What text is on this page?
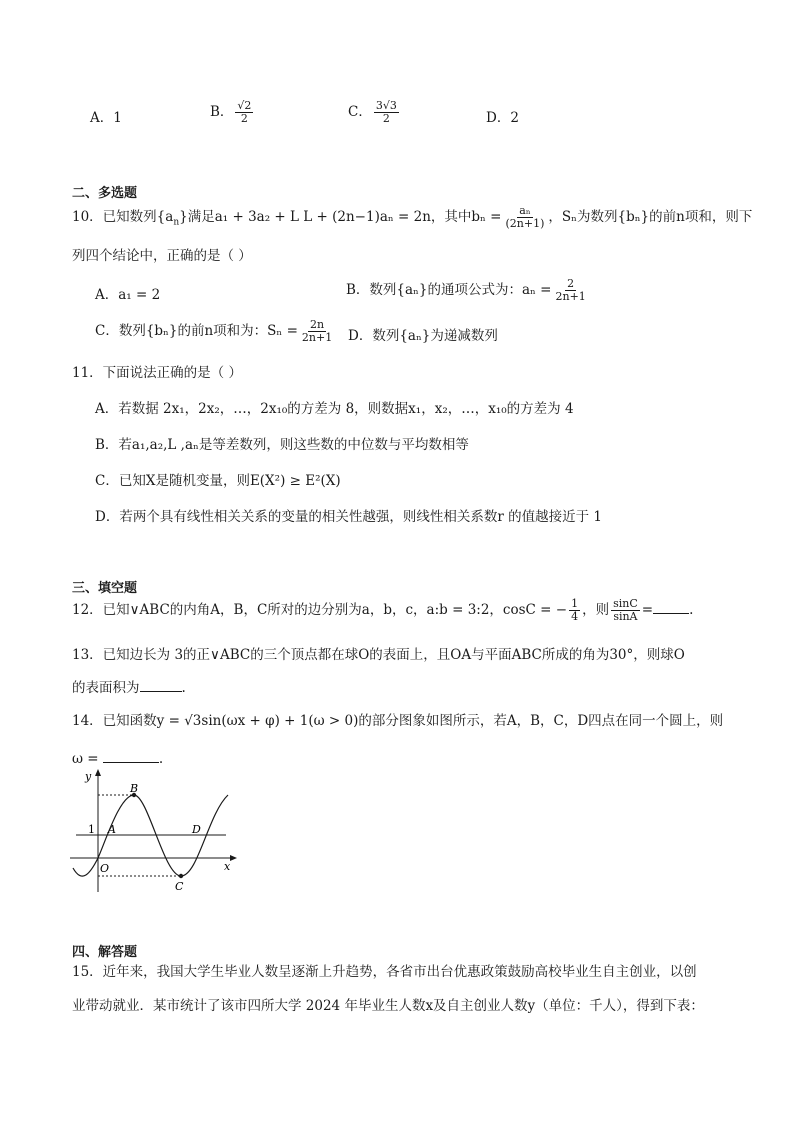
A．1	B． $\frac{√2}{2}$	C． $\frac{3√3}{2}$	D．2
二、多选题
10．已知数列$\{a_n\}$满足a₁ + 3a₂ + L L + (2n−1)aₙ = 2n，其中$b_n = \frac{\text{aₙ}}{(2n+1)}$ ，Sₙ为数列{bₙ}的前n项和，则下
列四个结论中，正确的是（ ）
A．a₁ = 2	B．数列{aₙ}的通项公式为：$a_n = \frac{2}{2n+1}$
C．数列{bₙ}的前n项和为：$S_n = \frac{2n}{2n+1}$ D．数列{aₙ}为递减数列
11．下面说法正确的是（ ）
A．若数据 2x₁，2x₂，…，2x₁₀的方差为 8，则数据x₁，x₂，…，x₁₀的方差为 4
B．若a₁,a₂,L ,aₙ是等差数列，则这些数的中位数与平均数相等
C．已知X是随机变量，则E(X²) ≥ E²(X)
D．若两个具有线性相关关系的变量的相关性越强，则线性相关系数r 的值越接近于 1
三、填空题
12．已知∨ABC的内角A，B，C所对的边分别为a，b，c，a:b = 3:2，cosC = − $\frac{1}{4}$ ，则 $\frac{\sin C}{\sin A}$ =	.
13．已知边长为 3的正∨ABC的三个顶点都在球O的表面上，且OA与平面ABC所成的角为30°，则球O
的表面积为	.
14．已知函数y = √3sin(ωx + φ) + 1(ω > 0)的部分图象如图所示，若A，B，C，D四点在同一个圆上，则
ω =	.
y
x
1
O
A
B
C
D
四、解答题
15．近年来，我国大学生毕业人数呈逐渐上升趋势，各省市出台优惠政策鼓励高校毕业生自主创业，以创
业带动就业．某市统计了该市四所大学 2024 年毕业生人数x及自主创业人数y（单位：千人），得到下表：
